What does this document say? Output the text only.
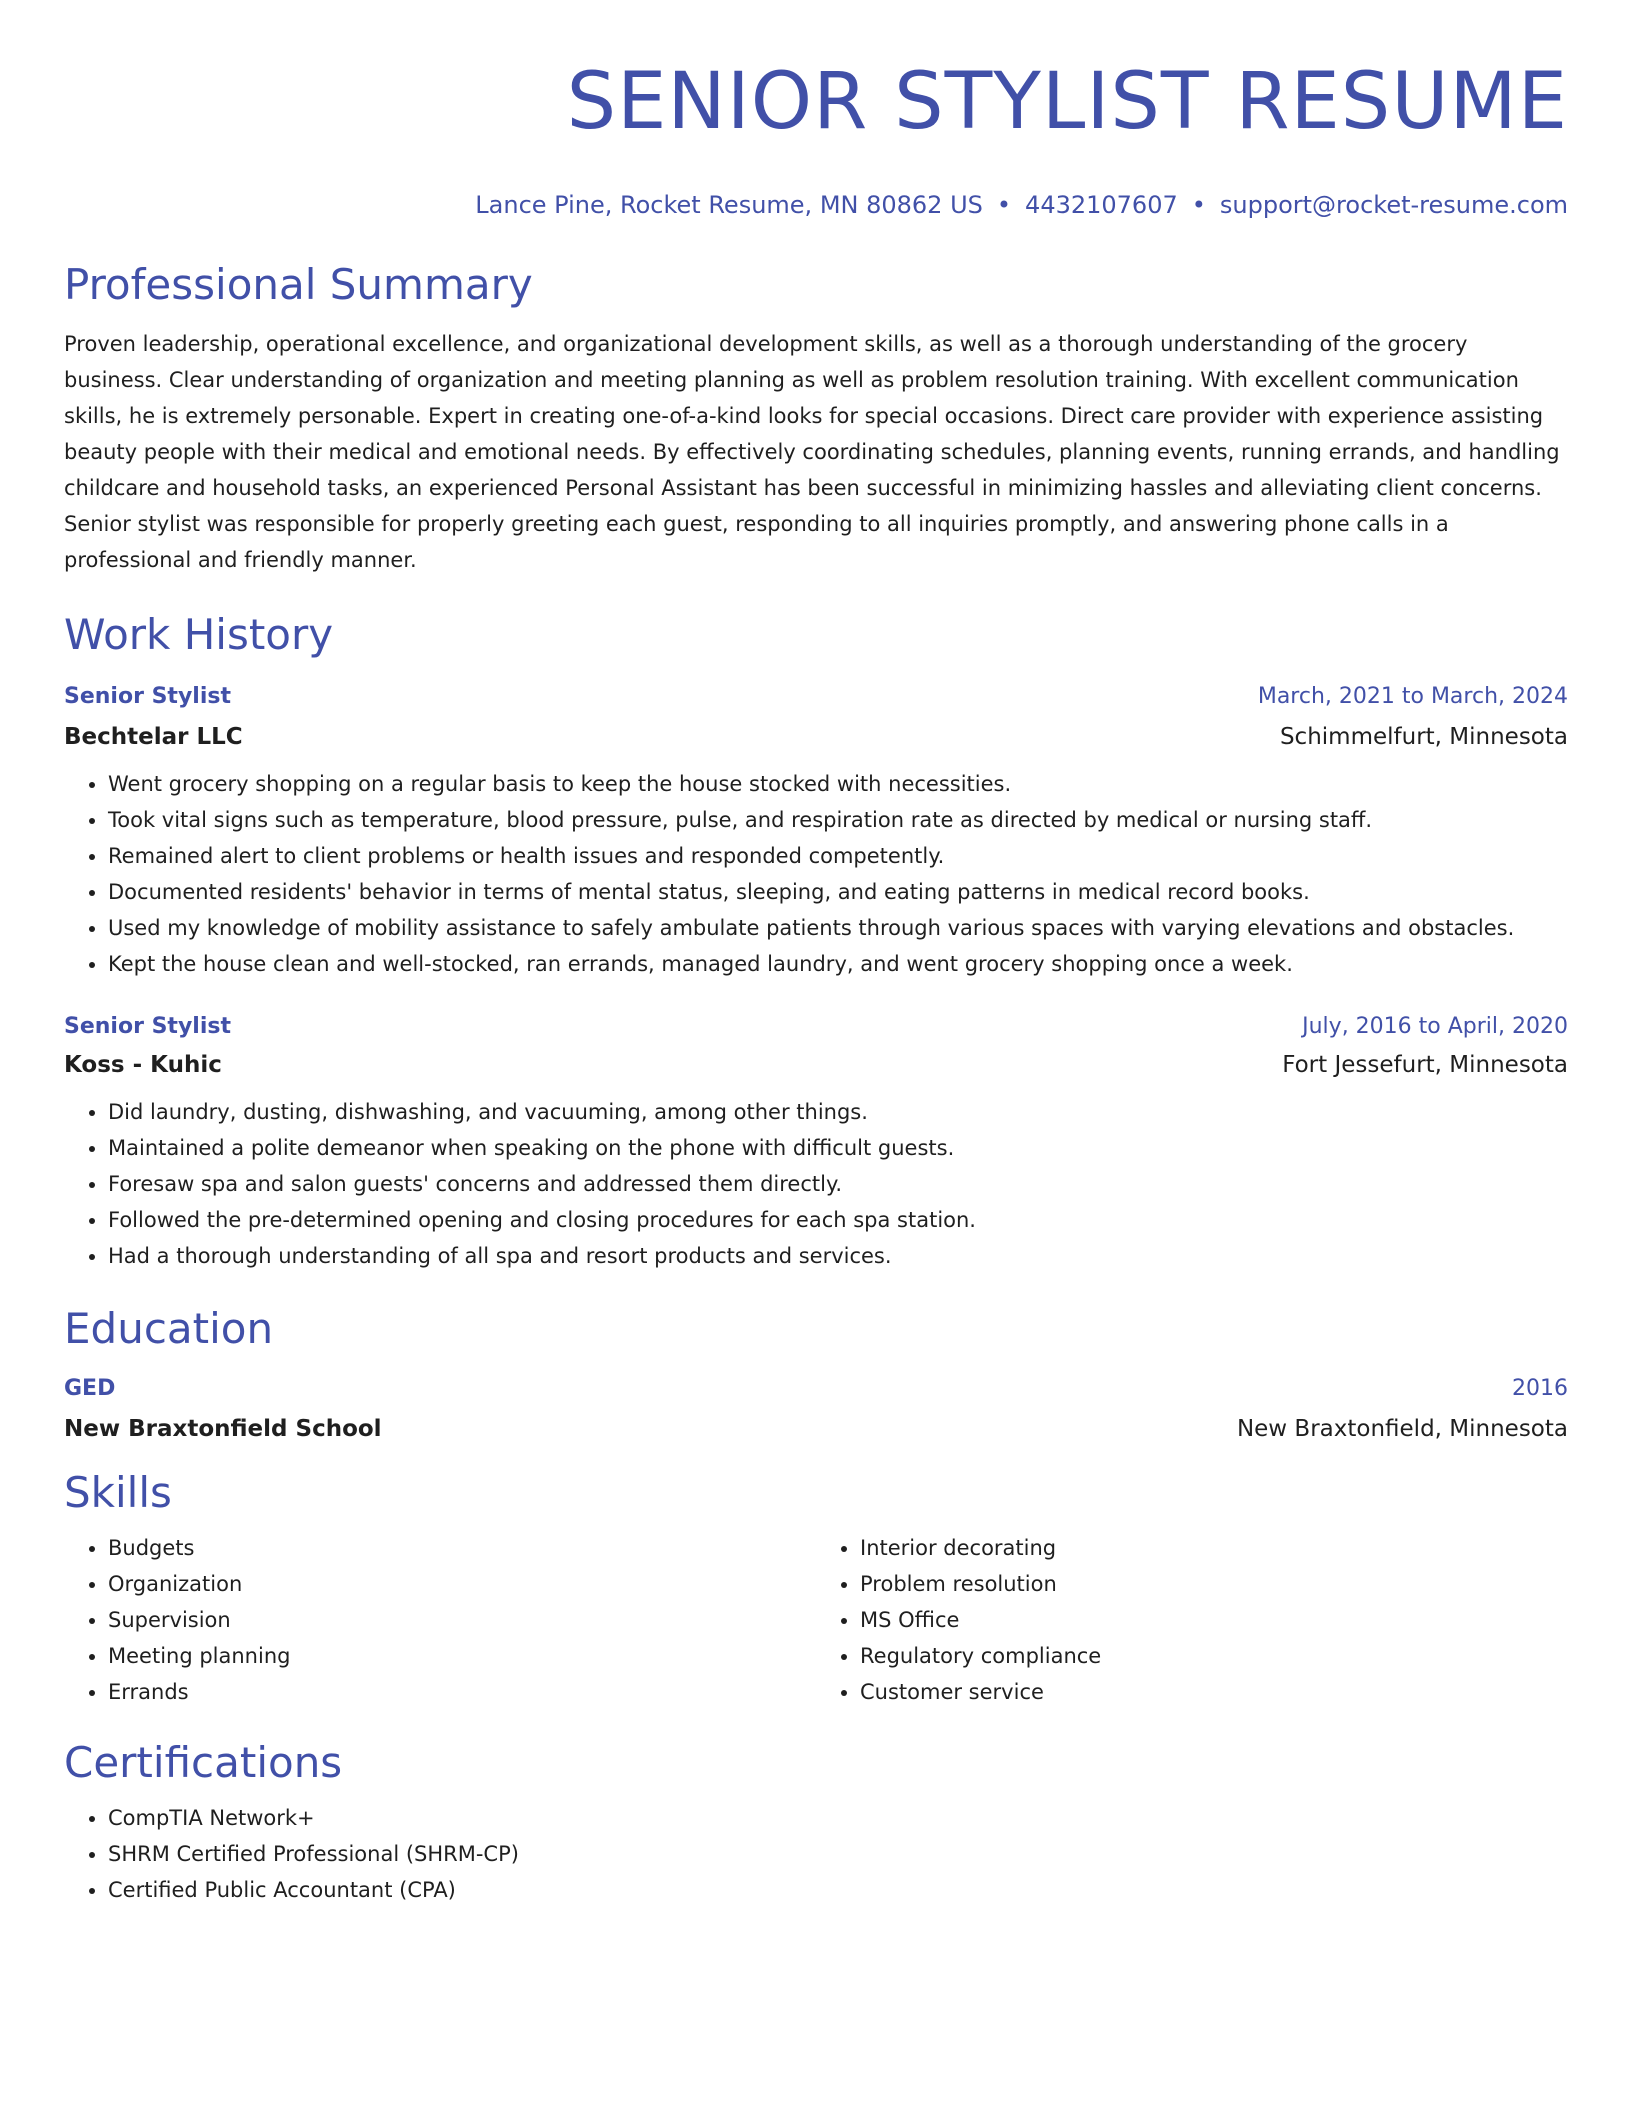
SENIOR STYLIST RESUME
Lance Pine, Rocket Resume, MN 80862 US • 4432107607 • support@rocket-resume.com
Professional Summary

Proven leadership, operational excellence, and organizational development skills, as well as a thorough understanding of the grocery business. Clear understanding of organization and meeting planning as well as problem resolution training. With excellent communication skills, he is extremely personable. Expert in creating one-of-a-kind looks for special occasions. Direct care provider with experience assisting beauty people with their medical and emotional needs. By effectively coordinating schedules, planning events, running errands, and handling childcare and household tasks, an experienced Personal Assistant has been successful in minimizing hassles and alleviating client concerns. Senior stylist was responsible for properly greeting each guest, responding to all inquiries promptly, and answering phone calls in a professional and friendly manner.

Work History
Senior Stylist	March, 2021 to March, 2024
Bechtelar LLC	Schimmelfurt, Minnesota
• Went grocery shopping on a regular basis to keep the house stocked with necessities.
• Took vital signs such as temperature, blood pressure, pulse, and respiration rate as directed by medical or nursing staff.
• Remained alert to client problems or health issues and responded competently.
• Documented residents' behavior in terms of mental status, sleeping, and eating patterns in medical record books.
• Used my knowledge of mobility assistance to safely ambulate patients through various spaces with varying elevations and obstacles.
• Kept the house clean and well-stocked, ran errands, managed laundry, and went grocery shopping once a week.
Senior Stylist	July, 2016 to April, 2020
Koss - Kuhic	Fort Jessefurt, Minnesota
• Did laundry, dusting, dishwashing, and vacuuming, among other things.
• Maintained a polite demeanor when speaking on the phone with difficult guests.
• Foresaw spa and salon guests' concerns and addressed them directly.
• Followed the pre-determined opening and closing procedures for each spa station.
• Had a thorough understanding of all spa and resort products and services.
Education
GED	2016
New Braxtonfield School	New Braxtonfield, Minnesota
Skills
• Budgets
• Organization
• Supervision
• Meeting planning
• Errands
• Interior decorating
• Problem resolution
• MS Office
• Regulatory compliance
• Customer service
Certifications
• CompTIA Network+
• SHRM Certified Professional (SHRM-CP)
• Certified Public Accountant (CPA)
